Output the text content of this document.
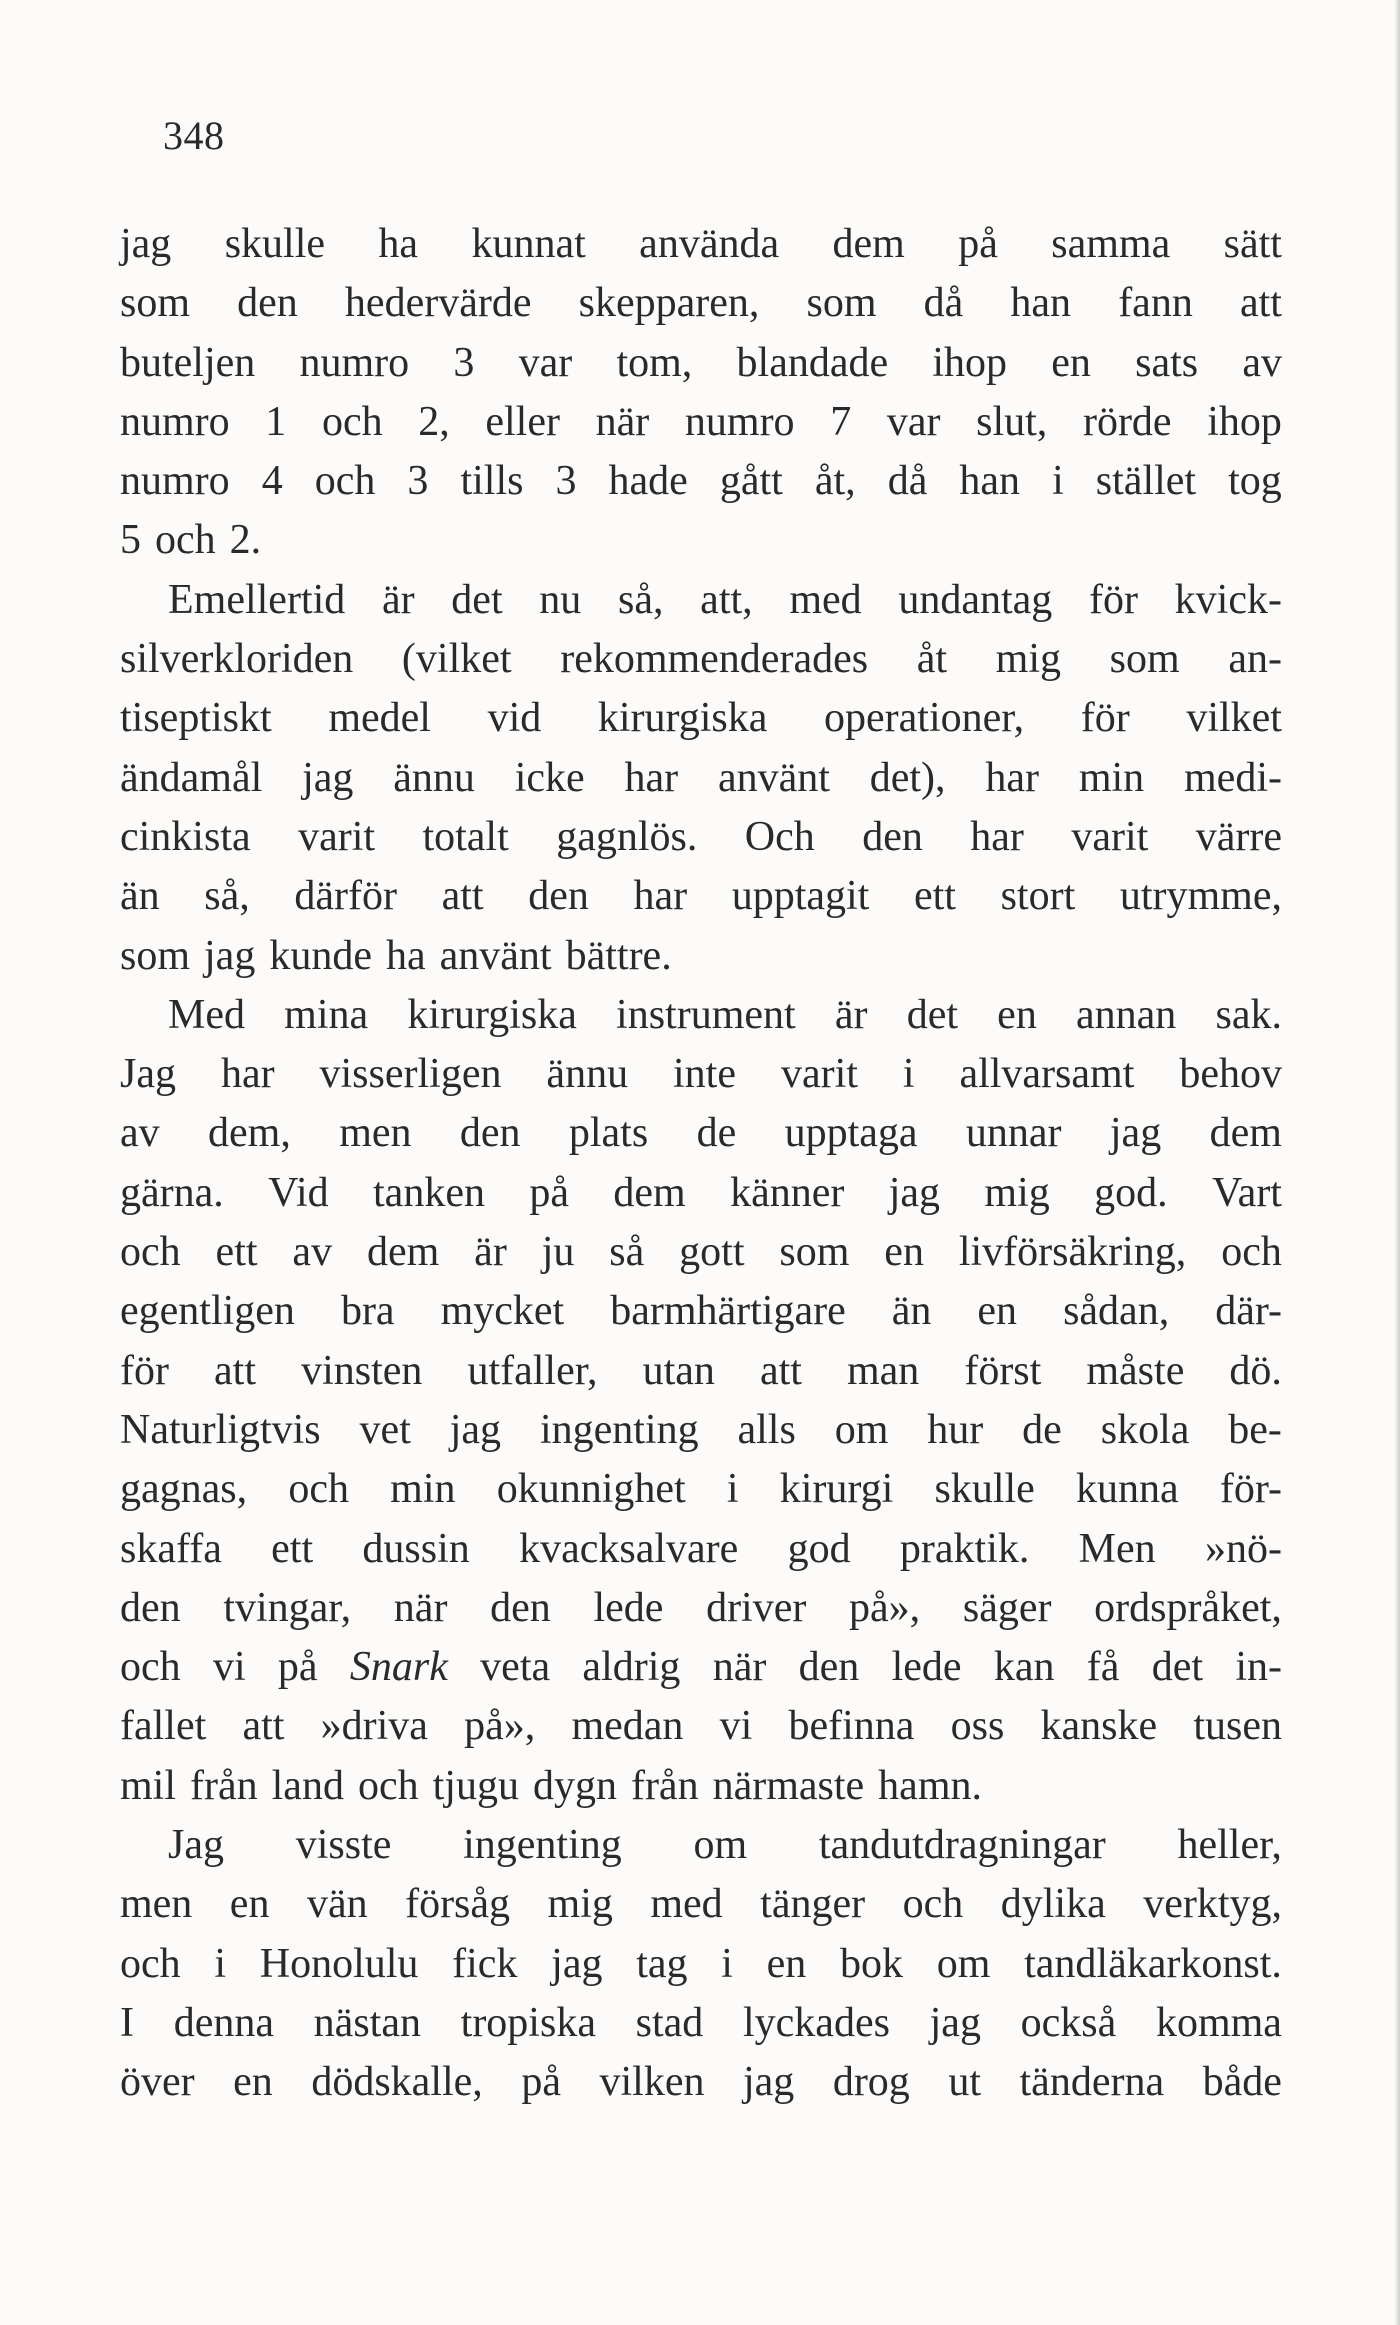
348
jag skulle ha kunnat använda dem på samma sätt
som den hedervärde skepparen, som då han fann att
buteljen numro 3 var tom, blandade ihop en sats av
numro 1 och 2, eller när numro 7 var slut, rörde ihop
numro 4 och 3 tills 3 hade gått åt, då han i stället tog
5 och 2.
Emellertid är det nu så, att, med undantag för kvick-
silverkloriden (vilket rekommenderades åt mig som an-
tiseptiskt medel vid kirurgiska operationer, för vilket
ändamål jag ännu icke har använt det), har min medi-
cinkista varit totalt gagnlös. Och den har varit värre
än så, därför att den har upptagit ett stort utrymme,
som jag kunde ha använt bättre.
Med mina kirurgiska instrument är det en annan sak.
Jag har visserligen ännu inte varit i allvarsamt behov
av dem, men den plats de upptaga unnar jag dem
gärna. Vid tanken på dem känner jag mig god. Vart
och ett av dem är ju så gott som en livförsäkring, och
egentligen bra mycket barmhärtigare än en sådan, där-
för att vinsten utfaller, utan att man först måste dö.
Naturligtvis vet jag ingenting alls om hur de skola be-
gagnas, och min okunnighet i kirurgi skulle kunna för-
skaffa ett dussin kvacksalvare god praktik. Men »nö-
den tvingar, när den lede driver på», säger ordspråket,
och vi på Snark veta aldrig när den lede kan få det in-
fallet att »driva på», medan vi befinna oss kanske tusen
mil från land och tjugu dygn från närmaste hamn.
Jag visste ingenting om tandutdragningar heller,
men en vän försåg mig med tänger och dylika verktyg,
och i Honolulu fick jag tag i en bok om tandläkarkonst.
I denna nästan tropiska stad lyckades jag också komma
över en dödskalle, på vilken jag drog ut tänderna både
